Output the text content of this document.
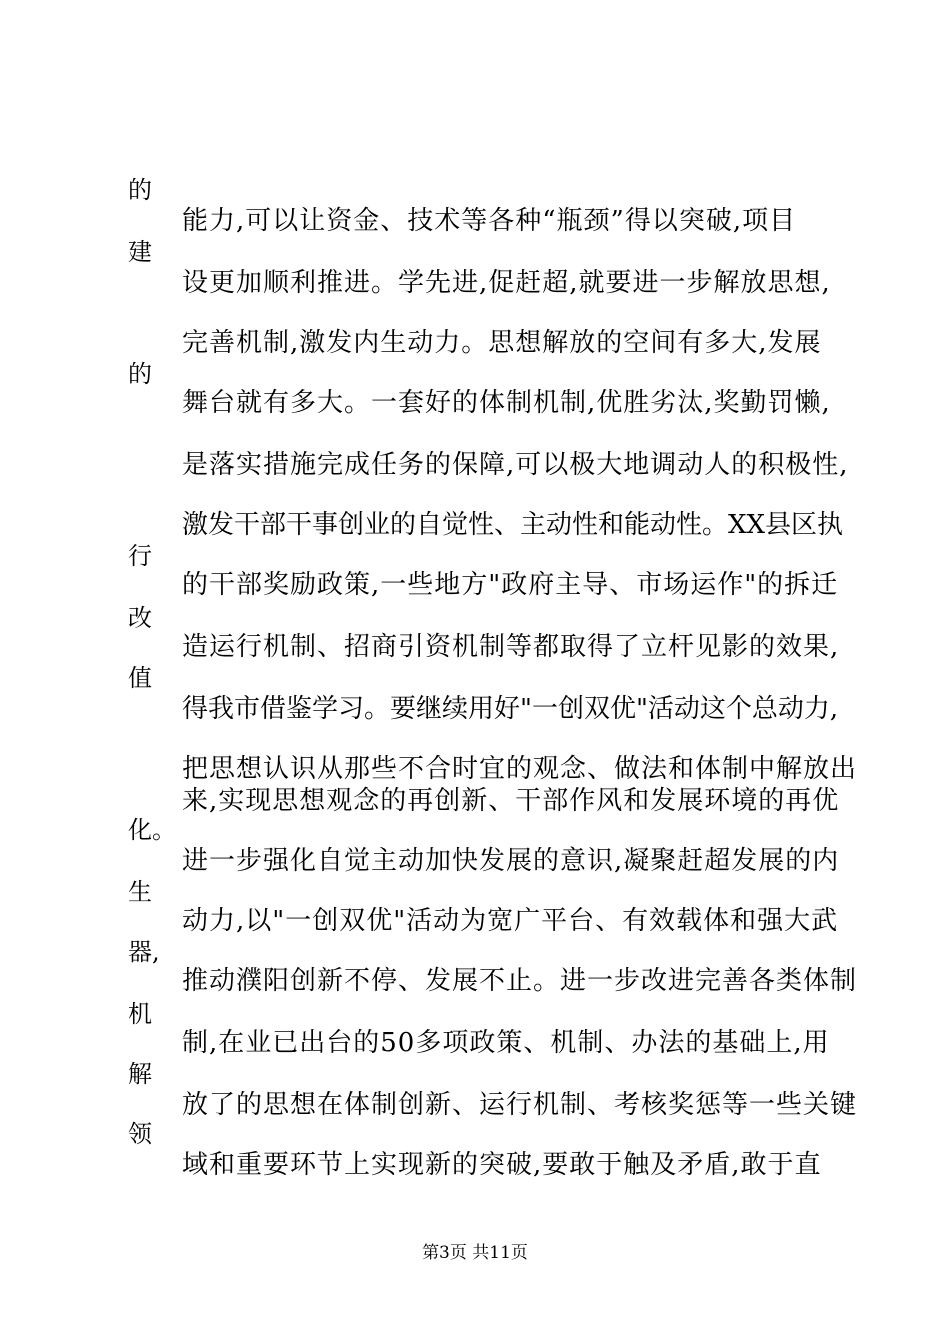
的
建
的
行
改
值
化。
生
器,
机
解
领
能力,可以让资金、技术等各种“瓶颈”得以突破,项目
设更加顺利推进。学先进,促赶超,就要进一步解放思想,
完善机制,激发内生动力。思想解放的空间有多大,发展
舞台就有多大。一套好的体制机制,优胜劣汰,奖勤罚懒,
是落实措施完成任务的保障,可以极大地调动人的积极性,
激发干部干事创业的自觉性、主动性和能动性。XX县区执
的干部奖励政策,一些地方"政府主导、市场运作"的拆迁
造运行机制、招商引资机制等都取得了立杆见影的效果,
得我市借鉴学习。要继续用好"一创双优"活动这个总动力,
把思想认识从那些不合时宜的观念、做法和体制中解放出
来,实现思想观念的再创新、干部作风和发展环境的再优
进一步强化自觉主动加快发展的意识,凝聚赶超发展的内
动力,以"一创双优"活动为宽广平台、有效载体和强大武
推动濮阳创新不停、发展不止。进一步改进完善各类体制
制,在业已出台的50多项政策、机制、办法的基础上,用
放了的思想在体制创新、运行机制、考核奖惩等一些关键
域和重要环节上实现新的突破,要敢于触及矛盾,敢于直
第3页 共11页
